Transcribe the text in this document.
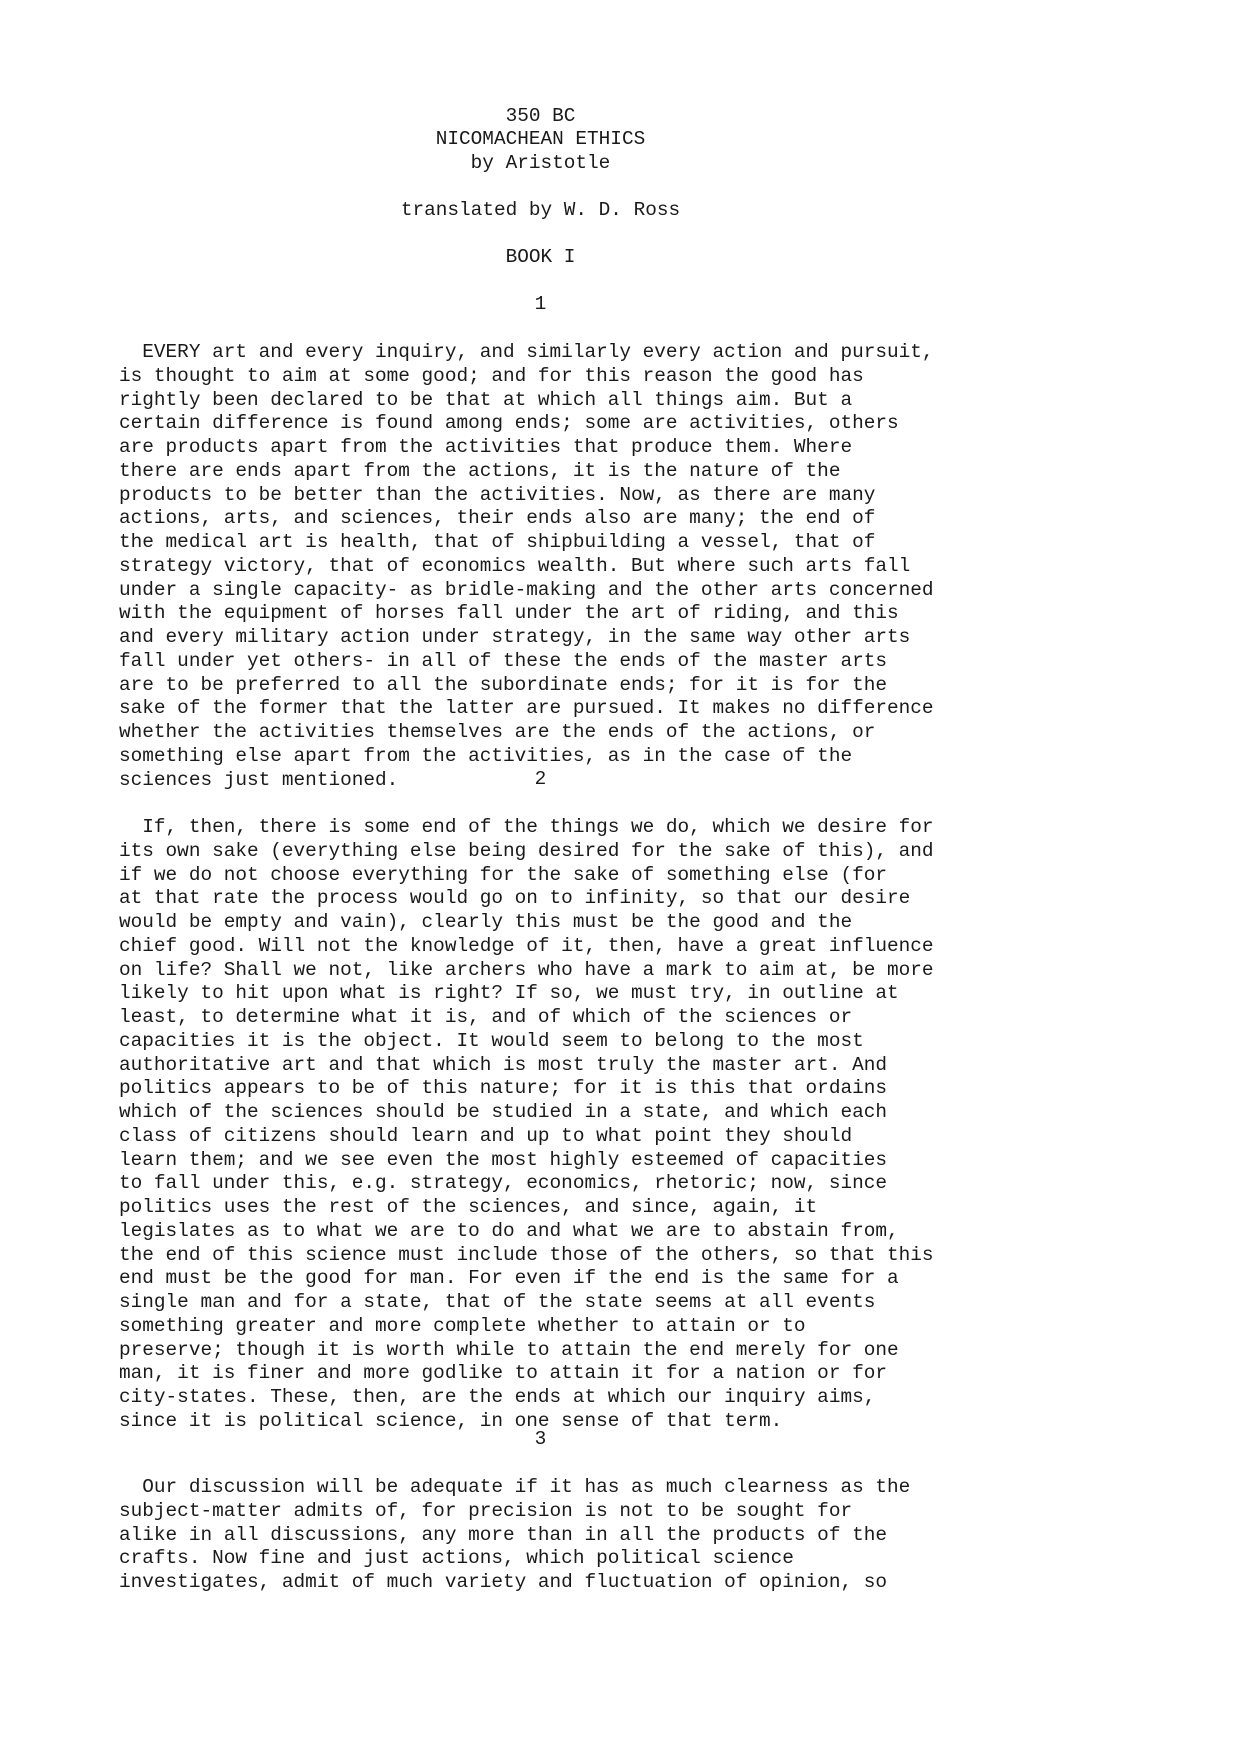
350 BC
NICOMACHEAN ETHICS
by Aristotle
translated by W. D. Ross
BOOK I
1
EVERY art and every inquiry, and similarly every action and pursuit,
is thought to aim at some good; and for this reason the good has
rightly been declared to be that at which all things aim. But a
certain difference is found among ends; some are activities, others
are products apart from the activities that produce them. Where
there are ends apart from the actions, it is the nature of the
products to be better than the activities. Now, as there are many
actions, arts, and sciences, their ends also are many; the end of
the medical art is health, that of shipbuilding a vessel, that of
strategy victory, that of economics wealth. But where such arts fall
under a single capacity- as bridle-making and the other arts concerned
with the equipment of horses fall under the art of riding, and this
and every military action under strategy, in the same way other arts
fall under yet others- in all of these the ends of the master arts
are to be preferred to all the subordinate ends; for it is for the
sake of the former that the latter are pursued. It makes no difference
whether the activities themselves are the ends of the actions, or
something else apart from the activities, as in the case of the
sciences just mentioned.	2
If, then, there is some end of the things we do, which we desire for
its own sake (everything else being desired for the sake of this), and
if we do not choose everything for the sake of something else (for
at that rate the process would go on to infinity, so that our desire
would be empty and vain), clearly this must be the good and the
chief good. Will not the knowledge of it, then, have a great influence
on life? Shall we not, like archers who have a mark to aim at, be more
likely to hit upon what is right? If so, we must try, in outline at
least, to determine what it is, and of which of the sciences or
capacities it is the object. It would seem to belong to the most
authoritative art and that which is most truly the master art. And
politics appears to be of this nature; for it is this that ordains
which of the sciences should be studied in a state, and which each
class of citizens should learn and up to what point they should
learn them; and we see even the most highly esteemed of capacities
to fall under this, e.g. strategy, economics, rhetoric; now, since
politics uses the rest of the sciences, and since, again, it
legislates as to what we are to do and what we are to abstain from,
the end of this science must include those of the others, so that this
end must be the good for man. For even if the end is the same for a
single man and for a state, that of the state seems at all events
something greater and more complete whether to attain or to
preserve; though it is worth while to attain the end merely for one
man, it is finer and more godlike to attain it for a nation or for
city-states. These, then, are the ends at which our inquiry aims,
since it is political science, in one sense of that term.
3
Our discussion will be adequate if it has as much clearness as the
subject-matter admits of, for precision is not to be sought for
alike in all discussions, any more than in all the products of the
crafts. Now fine and just actions, which political science
investigates, admit of much variety and fluctuation of opinion, so
